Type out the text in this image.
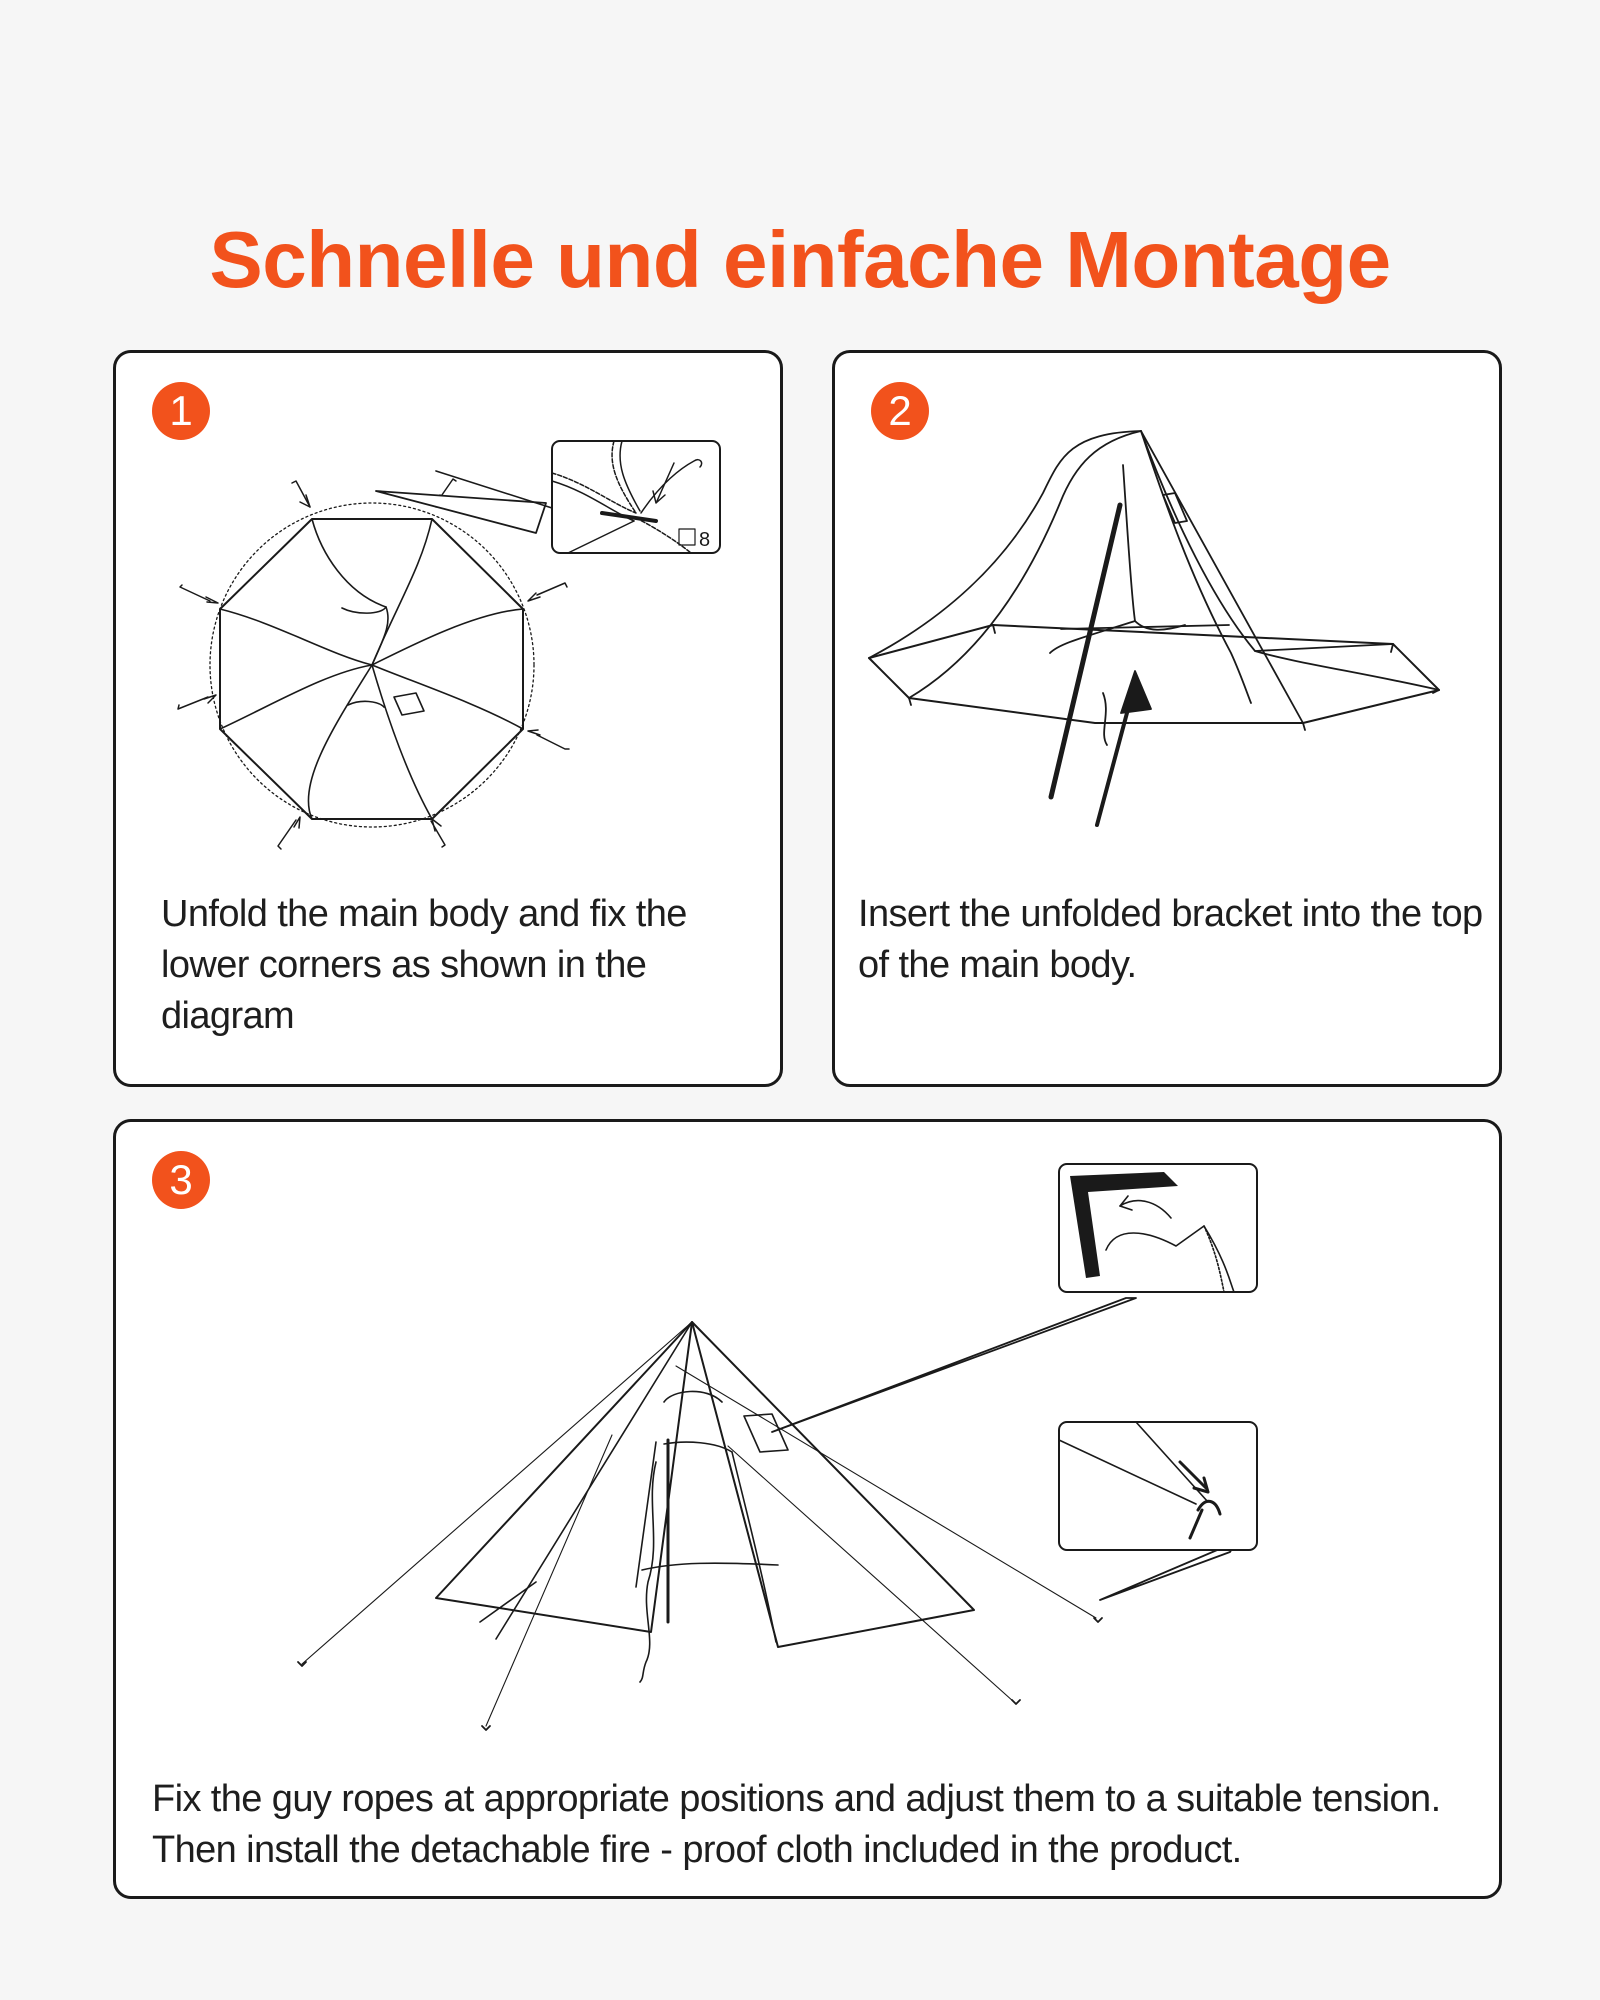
Schnelle und einfache Montage
1
8
Unfold the main body and fix the lower corners as shown in the diagram
2
Insert the unfolded bracket into the top of the main body.
3
Fix the guy ropes at appropriate positions and adjust them to a suitable tension. Then install the detachable fire - proof cloth included in the product.
